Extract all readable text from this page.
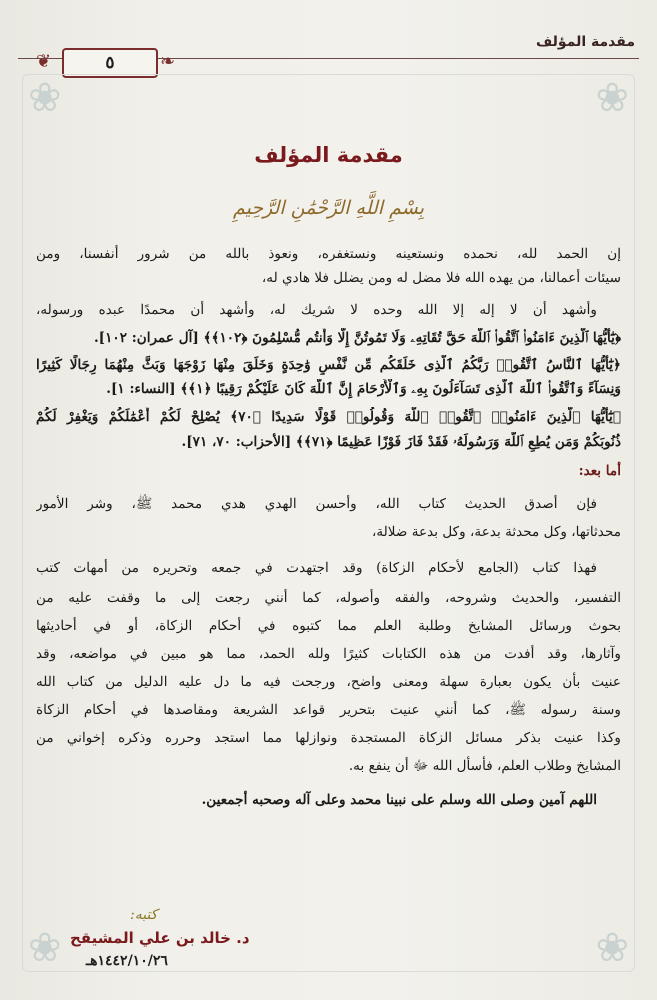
مقدمة المؤلف
❦	٥	❧
❀	❀
❀	❀
مقدمة المؤلف
بِسْمِ اللَّهِ الرَّحْمَٰنِ الرَّحِيمِ
إن الحمد لله، نحمده ونستعينه ونستغفره، ونعوذ بالله من شرور أنفسنا، ومن
سيئات أعمالنا، من يهده الله فلا مضل له ومن يضلل فلا هادي له،
وأشهد أن لا إله إلا الله وحده لا شريك له، وأشهد أن محمدًا عبده ورسوله،
﴿يَٰٓأَيُّهَا ٱلَّذِينَ ءَامَنُوا۟ ٱتَّقُوا۟ ٱللَّهَ حَقَّ تُقَاتِهِۦ وَلَا تَمُوتُنَّ إِلَّا وَأَنتُم مُّسْلِمُونَ ﴿١٠٢﴾﴾ [آل عمران: ١٠٢].
﴿يَٰٓأَيُّهَا ٱلنَّاسُ ٱتَّقُوا۟ رَبَّكُمُ ٱلَّذِى خَلَقَكُم مِّن نَّفْسٍ وَٰحِدَةٍ وَخَلَقَ مِنْهَا زَوْجَهَا وَبَثَّ مِنْهُمَا رِجَالًا كَثِيرًا
وَنِسَآءً وَٱتَّقُوا۟ ٱللَّهَ ٱلَّذِى تَسَآءَلُونَ بِهِۦ وَٱلْأَرْحَامَ إِنَّ ٱللَّهَ كَانَ عَلَيْكُمْ رَقِيبًا ﴿١﴾﴾ [النساء: ١].
﴿يَٰٓأَيُّهَا ٱلَّذِينَ ءَامَنُوا۟ ٱتَّقُوا۟ ٱللَّهَ وَقُولُوا۟ قَوْلًا سَدِيدًا ﴿٧٠﴾ يُصْلِحْ لَكُمْ أَعْمَٰلَكُمْ وَيَغْفِرْ لَكُمْ
ذُنُوبَكُمْ وَمَن يُطِعِ ٱللَّهَ وَرَسُولَهُۥ فَقَدْ فَازَ فَوْزًا عَظِيمًا ﴿٧١﴾﴾ [الأحزاب: ٧٠، ٧١].
أما بعد:
فإن أصدق الحديث كتاب الله، وأحسن الهدي هدي محمد ﷺ، وشر الأمور
محدثاتها، وكل محدثة بدعة، وكل بدعة ضلالة،
فهذا كتاب (الجامع لأحكام الزكاة) وقد اجتهدت في جمعه وتحريره من أمهات كتب
التفسير، والحديث وشروحه، والفقه وأصوله، كما أنني رجعت إلى ما وقفت عليه من
بحوث ورسائل المشايخ وطلبة العلم مما كتبوه في أحكام الزكاة، أو في أحاديثها
وآثارها، وقد أفدت من هذه الكتابات كثيرًا ولله الحمد، مما هو مبين في مواضعه، وقد
عنيت بأن يكون بعبارة سهلة ومعنى واضح، ورجحت فيه ما دل عليه الدليل من كتاب الله
وسنة رسوله ﷺ، كما أنني عنيت بتحرير قواعد الشريعة ومقاصدها في أحكام الزكاة
وكذا عنيت بذكر مسائل الزكاة المستجدة ونوازلها مما استجد وحرره وذكره إخواني من
المشايخ وطلاب العلم، فأسأل الله ﷻ أن ينفع به.
اللهم آمين وصلى الله وسلم على نبينا محمد وعلى آله وصحبه أجمعين.
كتبه:
د. خالد بن علي المشيقح
١٤٤٢/١٠/٢٦هـ
